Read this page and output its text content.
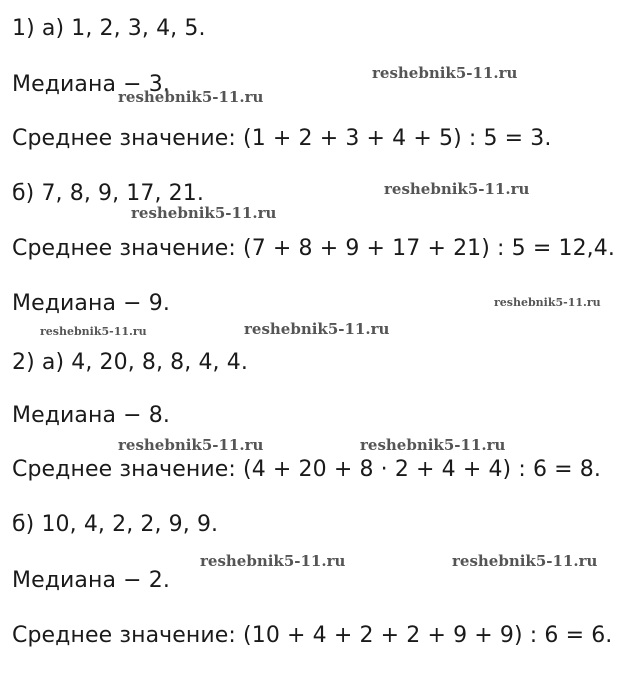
1) а) 1, 2, 3, 4, 5.
Медиана − 3.
Среднее значение: (1 + 2 + 3 + 4 + 5) : 5 = 3.
б) 7, 8, 9, 17, 21.
Среднее значение: (7 + 8 + 9 + 17 + 21) : 5 = 12,4.
Медиана − 9.
2) а) 4, 20, 8, 8, 4, 4.
Медиана − 8.
Среднее значение: (4 + 20 + 8 · 2 + 4 + 4) : 6 = 8.
б) 10, 4, 2, 2, 9, 9.
Медиана − 2.
Среднее значение: (10 + 4 + 2 + 2 + 9 + 9) : 6 = 6.
reshebnik5-11.ru
reshebnik5-11.ru
reshebnik5-11.ru
reshebnik5-11.ru
reshebnik5-11.ru
reshebnik5-11.ru	reshebnik5-11.ru
reshebnik5-11.ru	reshebnik5-11.ru
reshebnik5-11.ru	reshebnik5-11.ru
